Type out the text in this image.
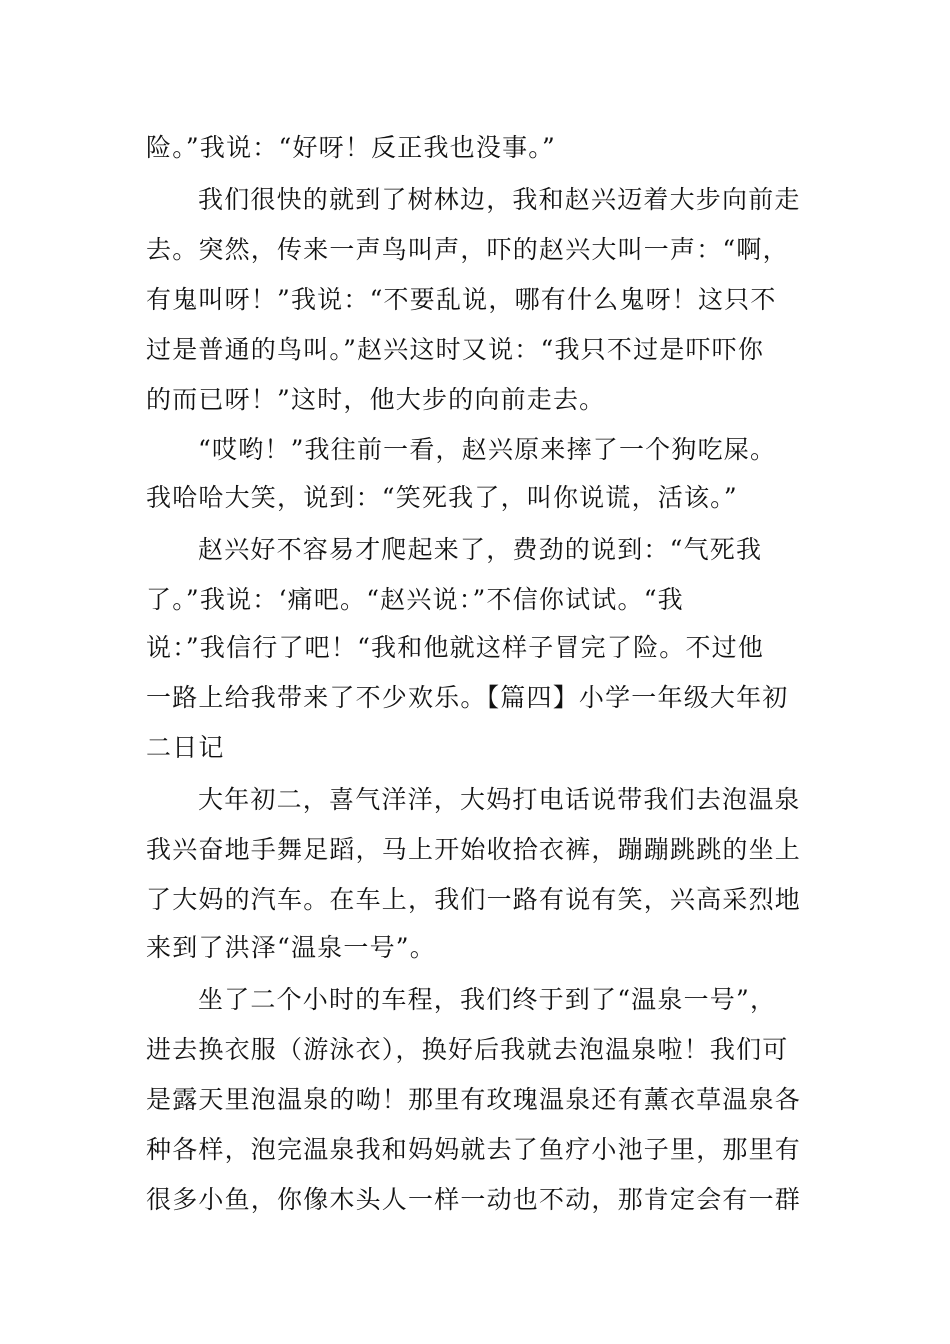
险。”我说：“好呀！反正我也没事。”
我们很快的就到了树林边，我和赵兴迈着大步向前走
去。突然，传来一声鸟叫声，吓的赵兴大叫一声：“啊，
有鬼叫呀！”我说：“不要乱说，哪有什么鬼呀！这只不
过是普通的鸟叫。”赵兴这时又说：“我只不过是吓吓你
的而已呀！”这时，他大步的向前走去。
“哎哟！”我往前一看，赵兴原来摔了一个狗吃屎。
我哈哈大笑，说到：“笑死我了，叫你说谎，活该。”
赵兴好不容易才爬起来了，费劲的说到：“气死我
了。”我说：‘痛吧。“赵兴说：”不信你试试。“我
说：”我信行了吧！“我和他就这样子冒完了险。不过他
一路上给我带来了不少欢乐。【篇四】小学一年级大年初
二日记
大年初二，喜气洋洋，大妈打电话说带我们去泡温泉
我兴奋地手舞足蹈，马上开始收拾衣裤，蹦蹦跳跳的坐上
了大妈的汽车。在车上，我们一路有说有笑，兴高采烈地
来到了洪泽“温泉一号”。
坐了二个小时的车程，我们终于到了“温泉一号”，
进去换衣服（游泳衣），换好后我就去泡温泉啦！我们可
是露天里泡温泉的呦！那里有玫瑰温泉还有薰衣草温泉各
种各样，泡完温泉我和妈妈就去了鱼疗小池子里，那里有
很多小鱼，你像木头人一样一动也不动，那肯定会有一群
